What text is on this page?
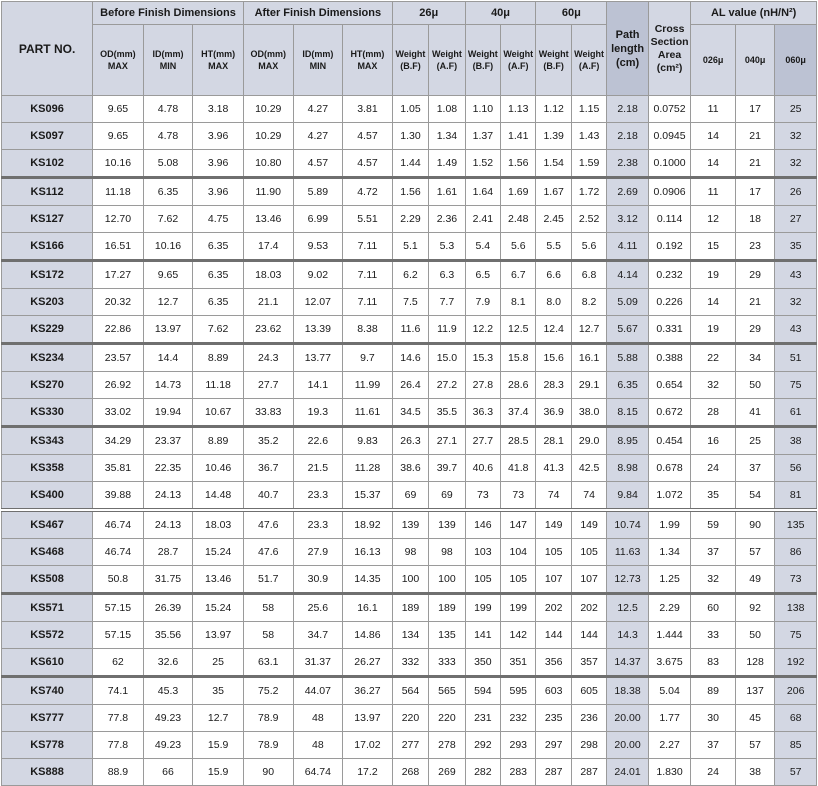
PART NO.	Before Finish Dimensions			After Finish Dimensions			26μ		40μ		60μ		Path length (cm)	Cross Section Area (cm²)	AL value (nH/N²)		
	OD(mm) MAX	ID(mm) MIN	HT(mm) MAX	OD(mm) MAX	ID(mm) MIN	HT(mm) MAX	Weight (B.F)	Weight (A.F)	Weight (B.F)	Weight (A.F)	Weight (B.F)	Weight (A.F)			026μ	040μ	060μ
KS096	9.65	4.78	3.18	10.29	4.27	3.81	1.05	1.08	1.10	1.13	1.12	1.15	2.18	0.0752	11	17	25
KS097	9.65	4.78	3.96	10.29	4.27	4.57	1.30	1.34	1.37	1.41	1.39	1.43	2.18	0.0945	14	21	32
KS102	10.16	5.08	3.96	10.80	4.57	4.57	1.44	1.49	1.52	1.56	1.54	1.59	2.38	0.1000	14	21	32
KS112	11.18	6.35	3.96	11.90	5.89	4.72	1.56	1.61	1.64	1.69	1.67	1.72	2.69	0.0906	11	17	26
KS127	12.70	7.62	4.75	13.46	6.99	5.51	2.29	2.36	2.41	2.48	2.45	2.52	3.12	0.114	12	18	27
KS166	16.51	10.16	6.35	17.4	9.53	7.11	5.1	5.3	5.4	5.6	5.5	5.6	4.11	0.192	15	23	35
KS172	17.27	9.65	6.35	18.03	9.02	7.11	6.2	6.3	6.5	6.7	6.6	6.8	4.14	0.232	19	29	43
KS203	20.32	12.7	6.35	21.1	12.07	7.11	7.5	7.7	7.9	8.1	8.0	8.2	5.09	0.226	14	21	32
KS229	22.86	13.97	7.62	23.62	13.39	8.38	11.6	11.9	12.2	12.5	12.4	12.7	5.67	0.331	19	29	43
KS234	23.57	14.4	8.89	24.3	13.77	9.7	14.6	15.0	15.3	15.8	15.6	16.1	5.88	0.388	22	34	51
KS270	26.92	14.73	11.18	27.7	14.1	11.99	26.4	27.2	27.8	28.6	28.3	29.1	6.35	0.654	32	50	75
KS330	33.02	19.94	10.67	33.83	19.3	11.61	34.5	35.5	36.3	37.4	36.9	38.0	8.15	0.672	28	41	61
KS343	34.29	23.37	8.89	35.2	22.6	9.83	26.3	27.1	27.7	28.5	28.1	29.0	8.95	0.454	16	25	38
KS358	35.81	22.35	10.46	36.7	21.5	11.28	38.6	39.7	40.6	41.8	41.3	42.5	8.98	0.678	24	37	56
KS400	39.88	24.13	14.48	40.7	23.3	15.37	69	69	73	73	74	74	9.84	1.072	35	54	81
KS467	46.74	24.13	18.03	47.6	23.3	18.92	139	139	146	147	149	149	10.74	1.99	59	90	135
KS468	46.74	28.7	15.24	47.6	27.9	16.13	98	98	103	104	105	105	11.63	1.34	37	57	86
KS508	50.8	31.75	13.46	51.7	30.9	14.35	100	100	105	105	107	107	12.73	1.25	32	49	73
KS571	57.15	26.39	15.24	58	25.6	16.1	189	189	199	199	202	202	12.5	2.29	60	92	138
KS572	57.15	35.56	13.97	58	34.7	14.86	134	135	141	142	144	144	14.3	1.444	33	50	75
KS610	62	32.6	25	63.1	31.37	26.27	332	333	350	351	356	357	14.37	3.675	83	128	192
KS740	74.1	45.3	35	75.2	44.07	36.27	564	565	594	595	603	605	18.38	5.04	89	137	206
KS777	77.8	49.23	12.7	78.9	48	13.97	220	220	231	232	235	236	20.00	1.77	30	45	68
KS778	77.8	49.23	15.9	78.9	48	17.02	277	278	292	293	297	298	20.00	2.27	37	57	85
KS888	88.9	66	15.9	90	64.74	17.2	268	269	282	283	287	287	24.01	1.830	24	38	57
